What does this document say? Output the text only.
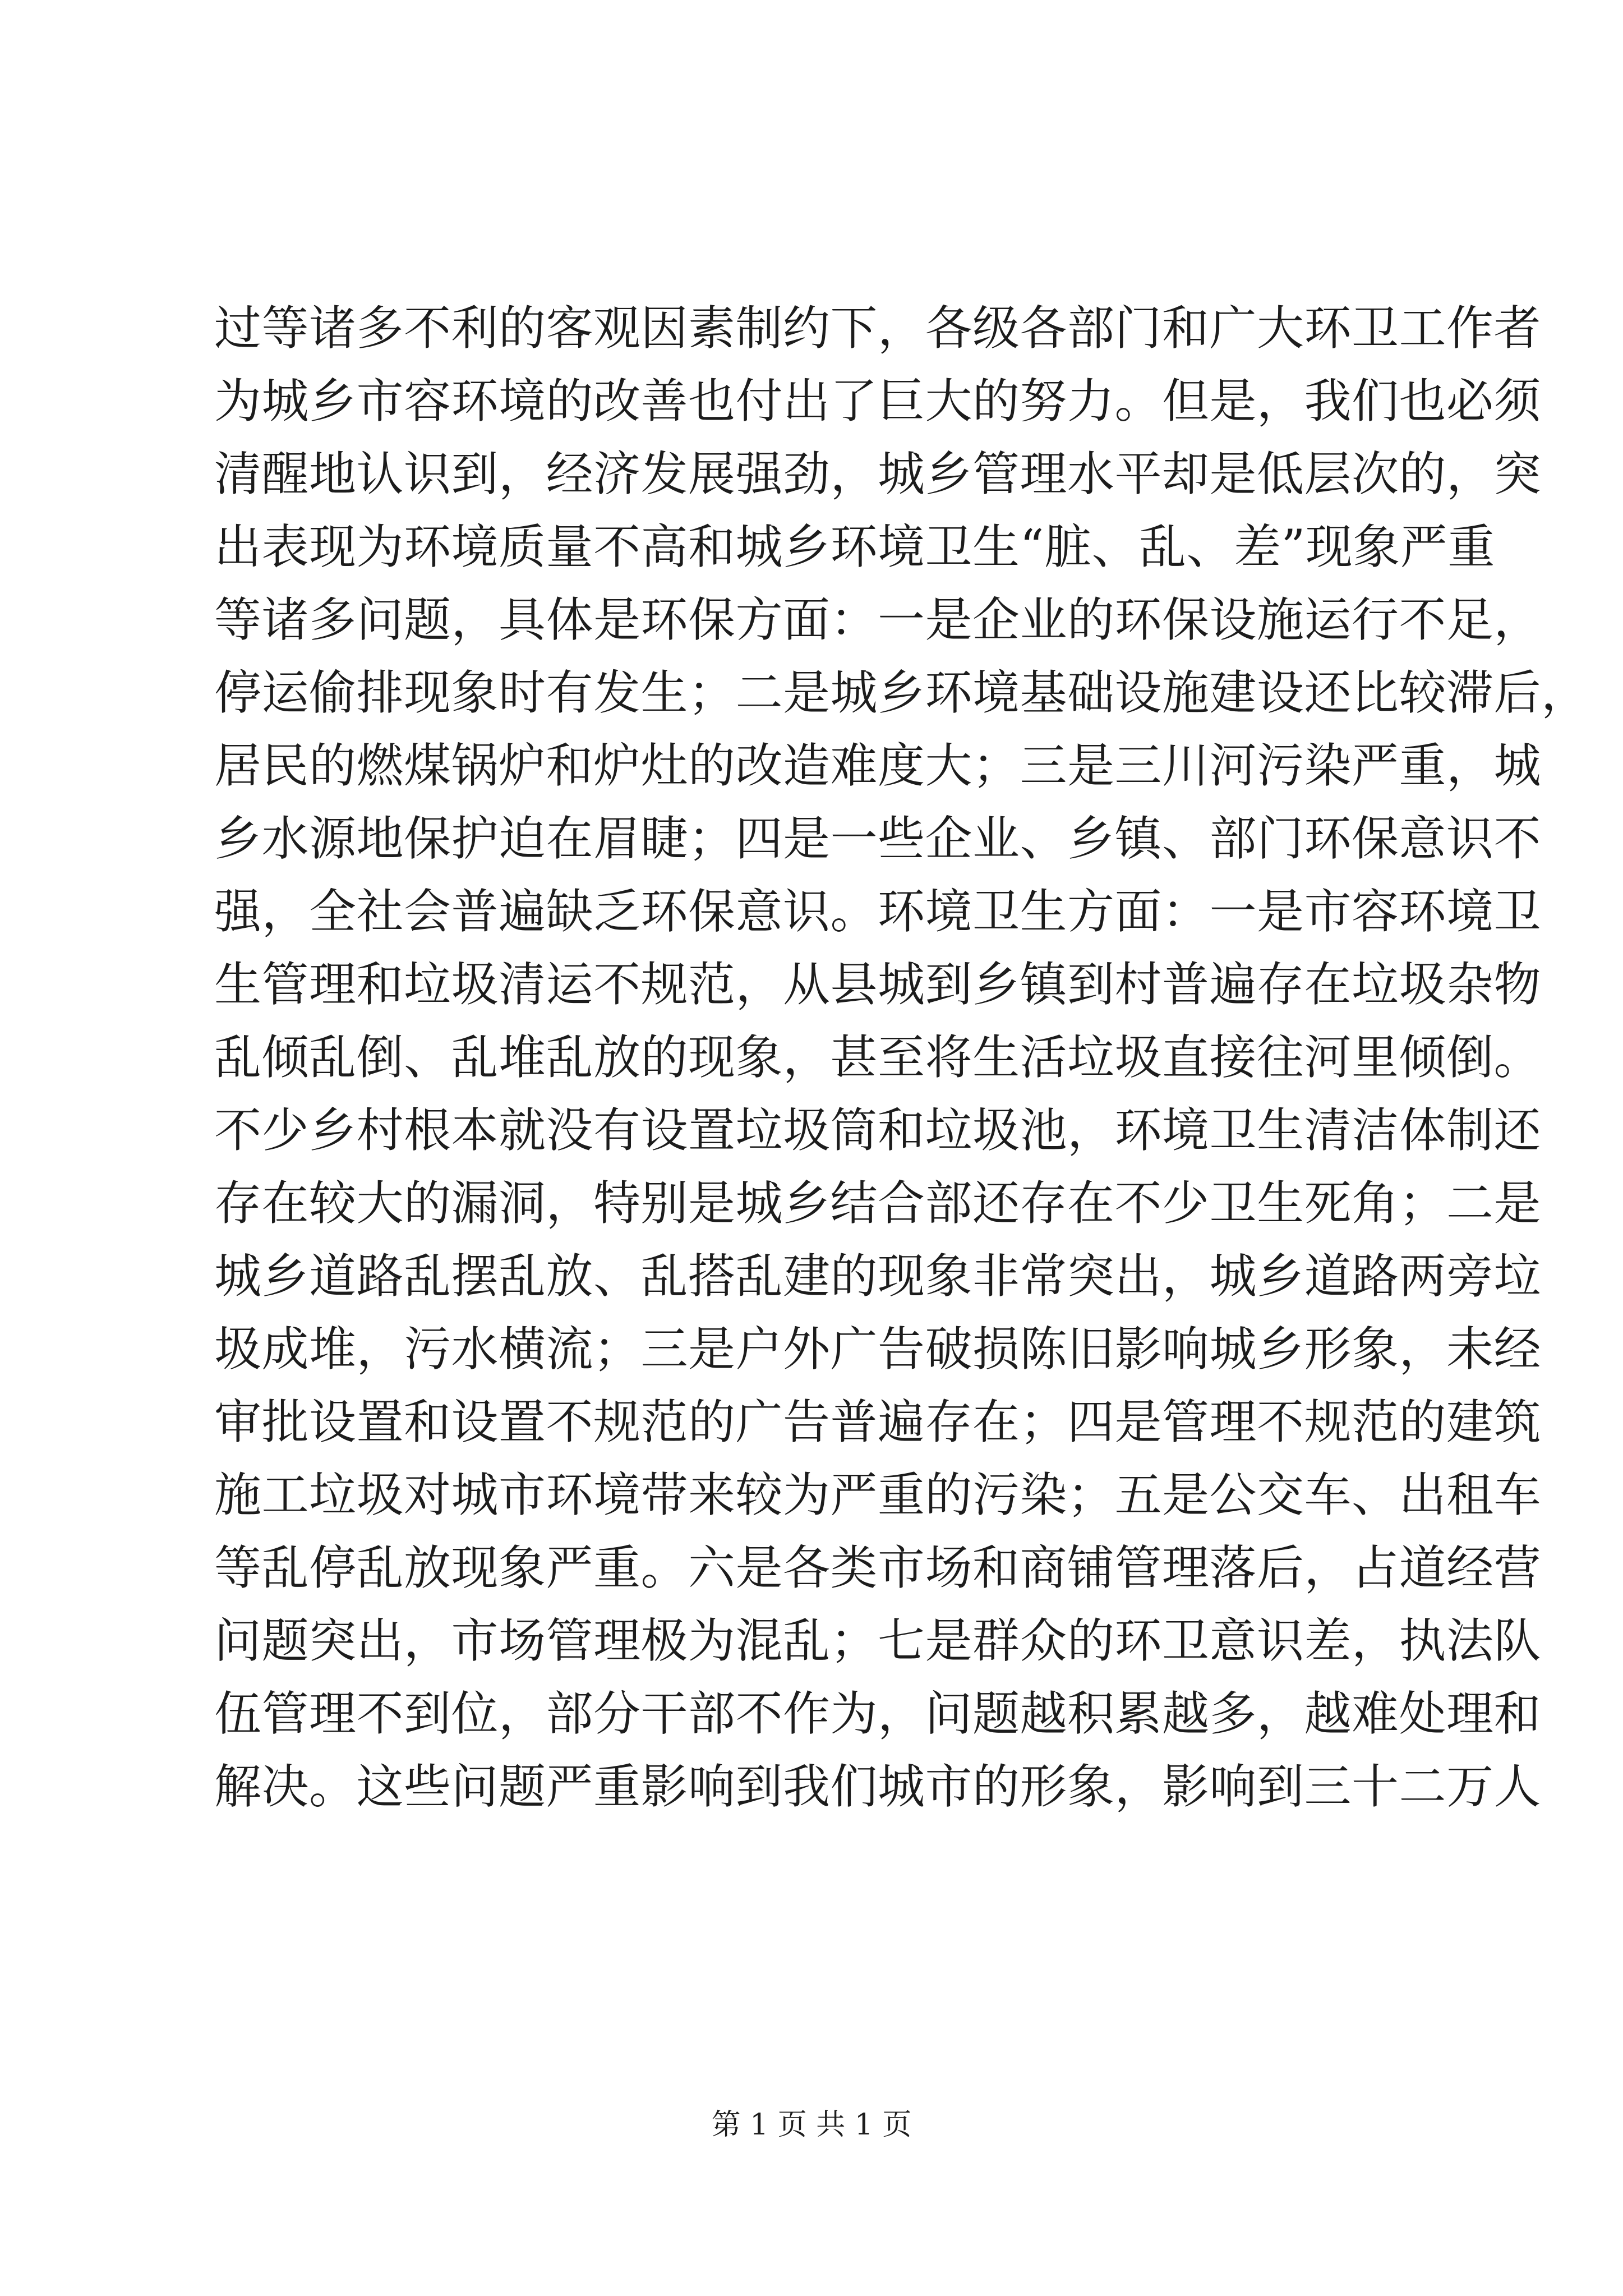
过等诸多不利的客观因素制约下，各级各部门和广大环卫工作者
为城乡市容环境的改善也付出了巨大的努力。但是，我们也必须
清醒地认识到，经济发展强劲，城乡管理水平却是低层次的，突
出表现为环境质量不高和城乡环境卫生“脏、乱、差”现象严重
等诸多问题，具体是环保方面：一是企业的环保设施运行不足，
停运偷排现象时有发生；二是城乡环境基础设施建设还比较滞后，
居民的燃煤锅炉和炉灶的改造难度大；三是三川河污染严重，城
乡水源地保护迫在眉睫；四是一些企业、乡镇、部门环保意识不
强，全社会普遍缺乏环保意识。环境卫生方面：一是市容环境卫
生管理和垃圾清运不规范，从县城到乡镇到村普遍存在垃圾杂物
乱倾乱倒、乱堆乱放的现象，甚至将生活垃圾直接往河里倾倒。
不少乡村根本就没有设置垃圾筒和垃圾池，环境卫生清洁体制还
存在较大的漏洞，特别是城乡结合部还存在不少卫生死角；二是
城乡道路乱摆乱放、乱搭乱建的现象非常突出，城乡道路两旁垃
圾成堆，污水横流；三是户外广告破损陈旧影响城乡形象，未经
审批设置和设置不规范的广告普遍存在；四是管理不规范的建筑
施工垃圾对城市环境带来较为严重的污染；五是公交车、出租车
等乱停乱放现象严重。六是各类市场和商铺管理落后，占道经营
问题突出，市场管理极为混乱；七是群众的环卫意识差，执法队
伍管理不到位，部分干部不作为，问题越积累越多，越难处理和
解决。这些问题严重影响到我们城市的形象，影响到三十二万人
第 1 页 共 1 页
